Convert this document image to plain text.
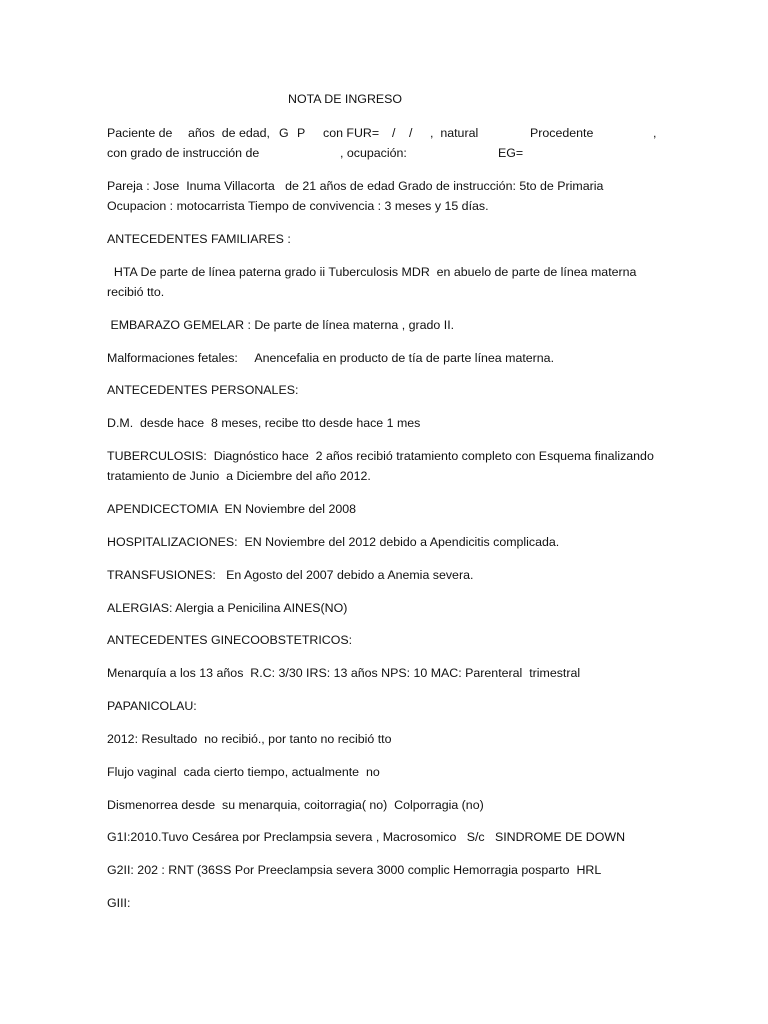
NOTA DE INGRESO
Paciente de años  de edad, G P con FUR= / / ,  natural	Procedente	,
con grado de instrucción de	, ocupación:	EG=
Pareja : Jose  Inuma Villacorta   de 21 años de edad Grado de instrucción: 5to de Primaria
Ocupacion : motocarrista Tiempo de convivencia : 3 meses y 15 días.
ANTECEDENTES FAMILIARES :
HTA De parte de línea paterna grado ii Tuberculosis MDR  en abuelo de parte de línea materna
recibió tto.
EMBARAZO GEMELAR : De parte de línea materna , grado II.
Malformaciones fetales:     Anencefalia en producto de tía de parte línea materna.
ANTECEDENTES PERSONALES:
D.M.  desde hace  8 meses, recibe tto desde hace 1 mes
TUBERCULOSIS:  Diagnóstico hace  2 años recibió tratamiento completo con Esquema finalizando
tratamiento de Junio  a Diciembre del año 2012.
APENDICECTOMIA  EN Noviembre del 2008
HOSPITALIZACIONES:  EN Noviembre del 2012 debido a Apendicitis complicada.
TRANSFUSIONES:   En Agosto del 2007 debido a Anemia severa.
ALERGIAS: Alergia a Penicilina AINES(NO)
ANTECEDENTES GINECOOBSTETRICOS:
Menarquía a los 13 años  R.C: 3/30 IRS: 13 años NPS: 10 MAC: Parenteral  trimestral
PAPANICOLAU:
2012: Resultado  no recibió., por tanto no recibió tto
Flujo vaginal  cada cierto tiempo, actualmente  no
Dismenorrea desde  su menarquia, coitorragia( no)  Colporragia (no)
G1I:2010.Tuvo Cesárea por Preclampsia severa , Macrosomico   S/c   SINDROME DE DOWN
G2II: 202 : RNT (36SS Por Preeclampsia severa 3000 complic Hemorragia posparto  HRL
GIII:
